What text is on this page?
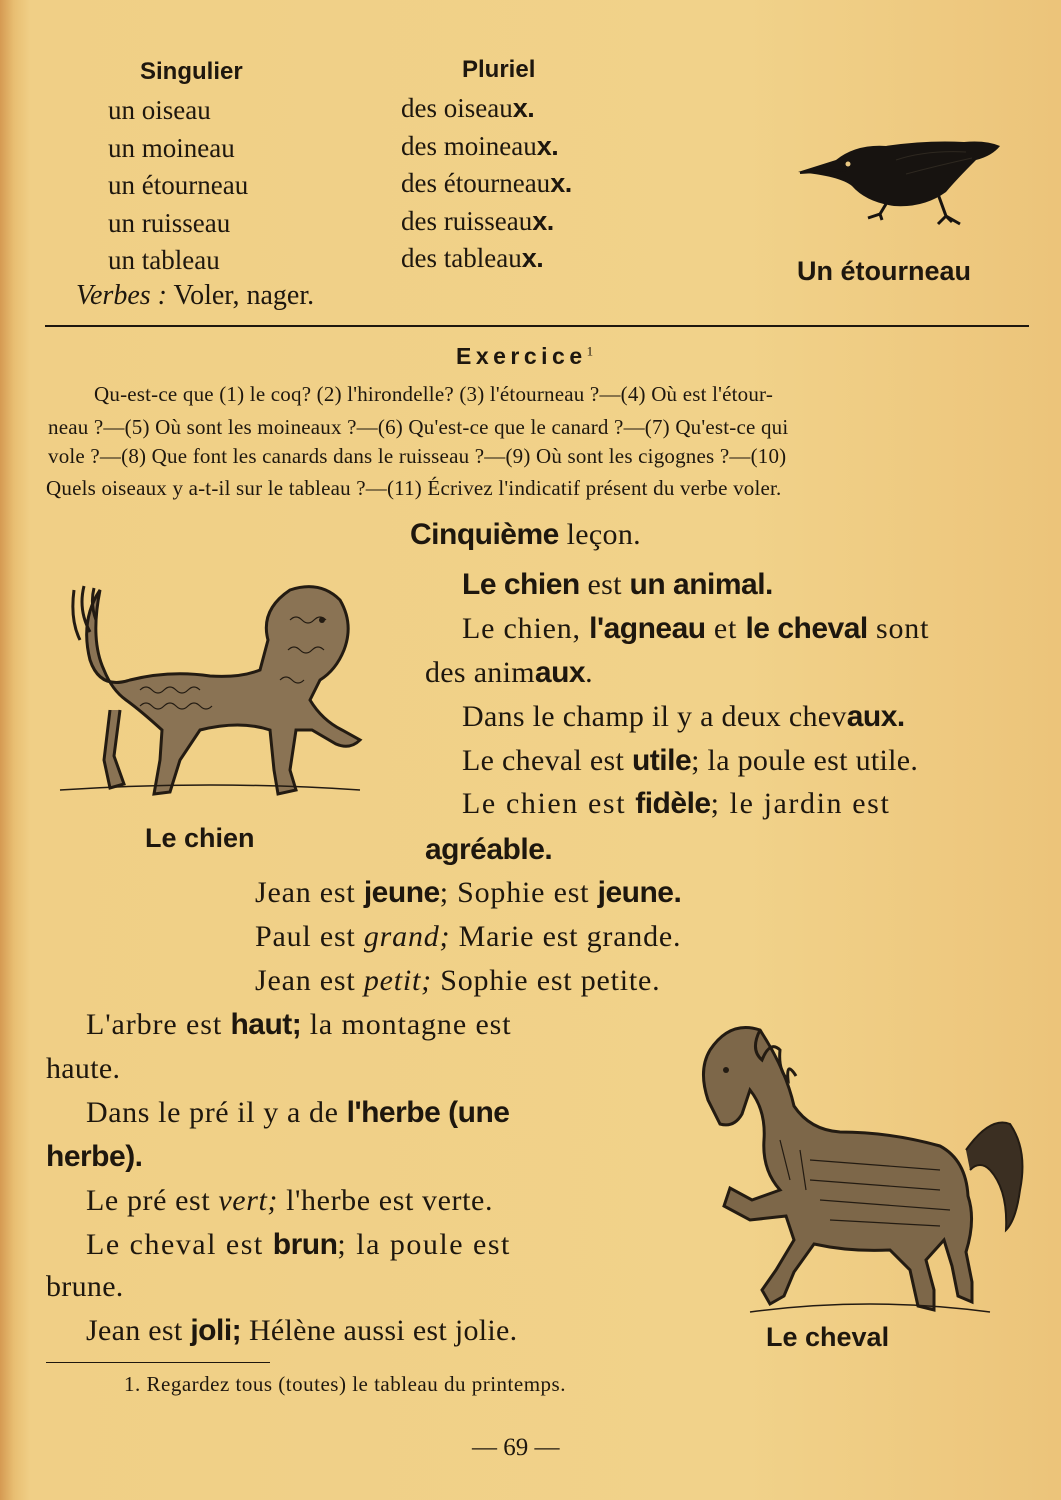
Singulier	Pluriel
un oiseau
un moineau
un étourneau
un ruisseau
un tableau
des oiseaux.
des moineaux.
des étourneaux.
des ruisseaux.
des tableaux.
Verbes : Voler, nager.
Un étourneau
Exercice$^1$

Qu-est-ce que (1) le coq? (2) l'hirondelle? (3) l'étourneau ?—(4) Où est l'étour-

neau ?—(5) Où sont les moineaux ?—(6) Qu'est-ce que le canard ?—(7) Qu'est-ce qui

vole ?—(8) Que font les canards dans le ruisseau ?—(9) Où sont les cigognes ?—(10)

Quels oiseaux y a-t-il sur le tableau ?—(11) Écrivez l'indicatif présent du verbe voler.

Cinquième leçon.
Le chien
Le chien est un animal.
Le chien, l'agneau et le cheval sont
des animaux.
Dans le champ il y a deux chevaux.
Le cheval est utile; la poule est utile.
Le chien est fidèle; le jardin est
agréable.
Jean est jeune; Sophie est jeune.
Paul est grand; Marie est grande.
Jean est petit; Sophie est petite.
L'arbre est haut; la montagne est
haute.
Dans le pré il y a de l'herbe (une
herbe).
Le pré est vert; l'herbe est verte.
Le cheval est brun; la poule est
brune.
Jean est joli; Hélène aussi est jolie.	Le cheval
1. Regardez tous (toutes) le tableau du printemps.
— 69 —
